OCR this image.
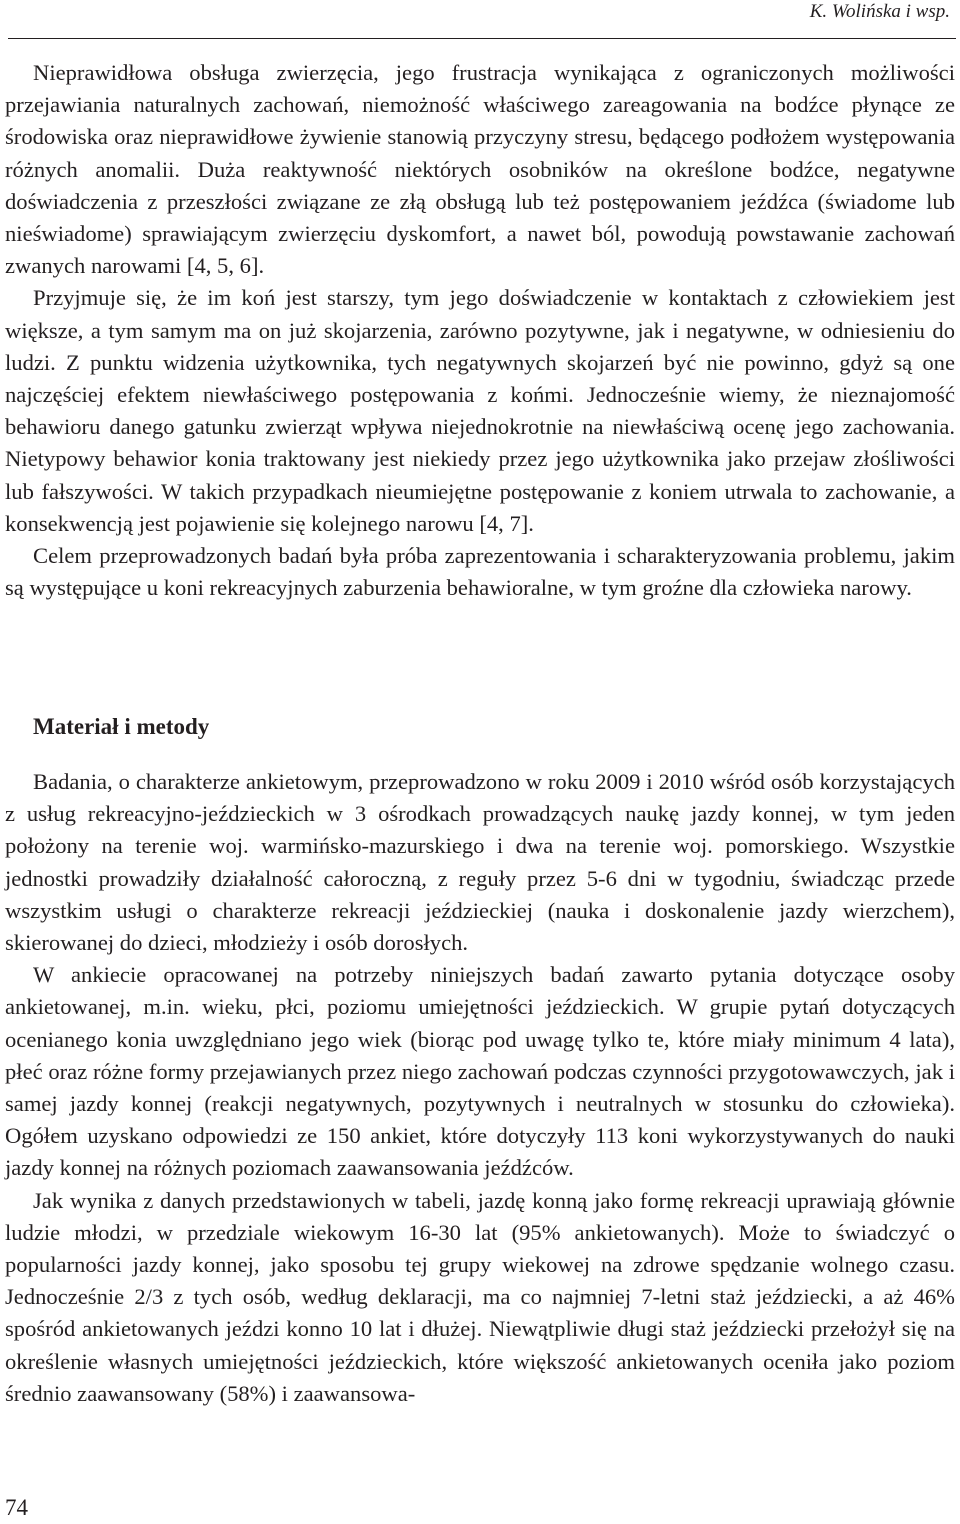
K. Wolińska i wsp.

Nieprawidłowa obsługa zwierzęcia, jego frustracja wynikająca z ograniczonych możliwości przejawiania naturalnych zachowań, niemożność właściwego zareagowania na bodźce płynące ze środowiska oraz nieprawidłowe żywienie stanowią przyczyny stresu, będącego podłożem występowania różnych anomalii. Duża reaktywność niektórych osobników na określone bodźce, negatywne doświadczenia z przeszłości związane ze złą obsługą lub też postępowaniem jeźdźca (świadome lub nieświadome) sprawiającym zwierzęciu dyskomfort, a nawet ból, powodują powstawanie zachowań zwanych narowami [4, 5, 6].

Przyjmuje się, że im koń jest starszy, tym jego doświadczenie w kontaktach z człowiekiem jest większe, a tym samym ma on już skojarzenia, zarówno pozytywne, jak i negatywne, w odniesieniu do ludzi. Z punktu widzenia użytkownika, tych negatywnych skojarzeń być nie powinno, gdyż są one najczęściej efektem niewłaściwego postępowania z końmi. Jednocześnie wiemy, że nieznajomość behawioru danego gatunku zwierząt wpływa niejednokrotnie na niewłaściwą ocenę jego zachowania. Nietypowy behawior konia traktowany jest niekiedy przez jego użytkownika jako przejaw złośliwości lub fałszywości. W takich przypadkach nieumiejętne postępowanie z koniem utrwala to zachowanie, a konsekwencją jest pojawienie się kolejnego narowu [4, 7].

Celem przeprowadzonych badań była próba zaprezentowania i scharakteryzowania problemu, jakim są występujące u koni rekreacyjnych zaburzenia behawioralne, w tym groźne dla człowieka narowy.

Materiał i metody

Badania, o charakterze ankietowym, przeprowadzono w roku 2009 i 2010 wśród osób korzystających z usług rekreacyjno-jeździeckich w 3 ośrodkach prowadzących naukę jazdy konnej, w tym jeden położony na terenie woj. warmińsko-mazurskiego i dwa na terenie woj. pomorskiego. Wszystkie jednostki prowadziły działalność całoroczną, z reguły przez 5-6 dni w tygodniu, świadcząc przede wszystkim usługi o charakterze rekreacji jeździeckiej (nauka i doskonalenie jazdy wierzchem), skierowanej do dzieci, młodzieży i osób dorosłych.

W ankiecie opracowanej na potrzeby niniejszych badań zawarto pytania dotyczące osoby ankietowanej, m.in. wieku, płci, poziomu umiejętności jeździeckich. W grupie pytań dotyczących ocenianego konia uwzględniano jego wiek (biorąc pod uwagę tylko te, które miały minimum 4 lata), płeć oraz różne formy przejawianych przez niego zachowań podczas czynności przygotowawczych, jak i samej jazdy konnej (reakcji negatywnych, pozytywnych i neutralnych w stosunku do człowieka). Ogółem uzyskano odpowiedzi ze 150 ankiet, które dotyczyły 113 koni wykorzystywanych do nauki jazdy konnej na różnych poziomach zaawansowania jeźdźców.

Jak wynika z danych przedstawionych w tabeli, jazdę konną jako formę rekreacji uprawiają głównie ludzie młodzi, w przedziale wiekowym 16-30 lat (95% ankietowanych). Może to świadczyć o popularności jazdy konnej, jako sposobu tej grupy wiekowej na zdrowe spędzanie wolnego czasu. Jednocześnie 2/3 z tych osób, według deklaracji, ma co najmniej 7-letni staż jeździecki, a aż 46% spośród ankietowanych jeździ konno 10 lat i dłużej. Niewątpliwie długi staż jeździecki przełożył się na określenie własnych umiejętności jeździeckich, które większość ankietowanych oceniła jako poziom średnio zaawansowany (58%) i zaawansowa-

74
